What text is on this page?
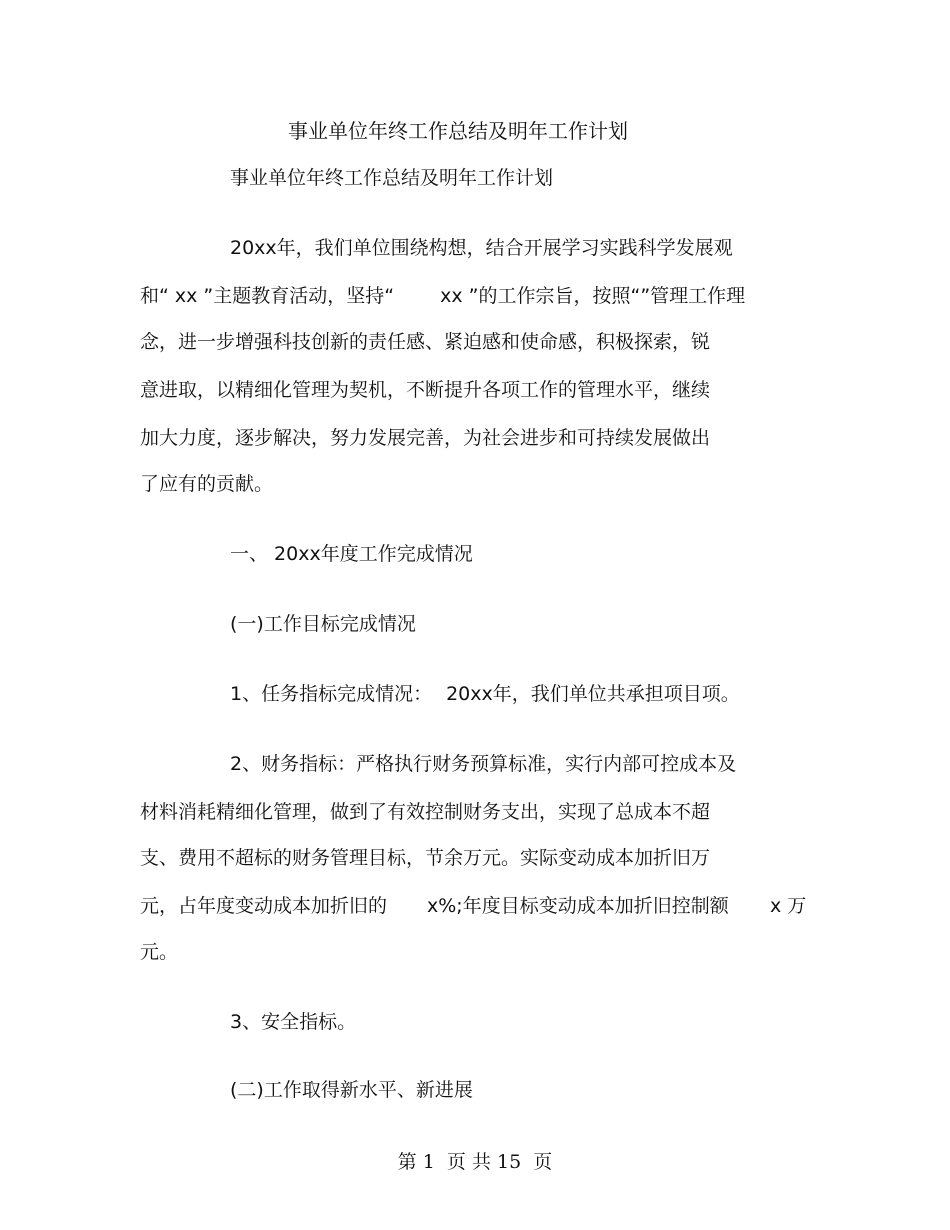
事业单位年终工作总结及明年工作计划
事业单位年终工作总结及明年工作计划
20xx年，我们单位围绕构想，结合开展学习实践科学发展观
和“ xx ”主题教育活动，坚持“ xx ”的工作宗旨，按照“”管理工作理
念，进一步增强科技创新的责任感、紧迫感和使命感，积极探索，锐
意进取，以精细化管理为契机，不断提升各项工作的管理水平，继续
加大力度，逐步解决，努力发展完善，为社会进步和可持续发展做出
了应有的贡献。
一、 20xx年度工作完成情况
(一)工作目标完成情况
1、任务指标完成情况： 20xx年，我们单位共承担项目项。
2、财务指标：严格执行财务预算标准，实行内部可控成本及
材料消耗精细化管理，做到了有效控制财务支出，实现了总成本不超
支、费用不超标的财务管理目标，节余万元。实际变动成本加折旧万
元，占年度变动成本加折旧的 x%;年度目标变动成本加折旧控制额 x 万
元。
3、安全指标。
(二)工作取得新水平、新进展
第 1 页 共 15 页
